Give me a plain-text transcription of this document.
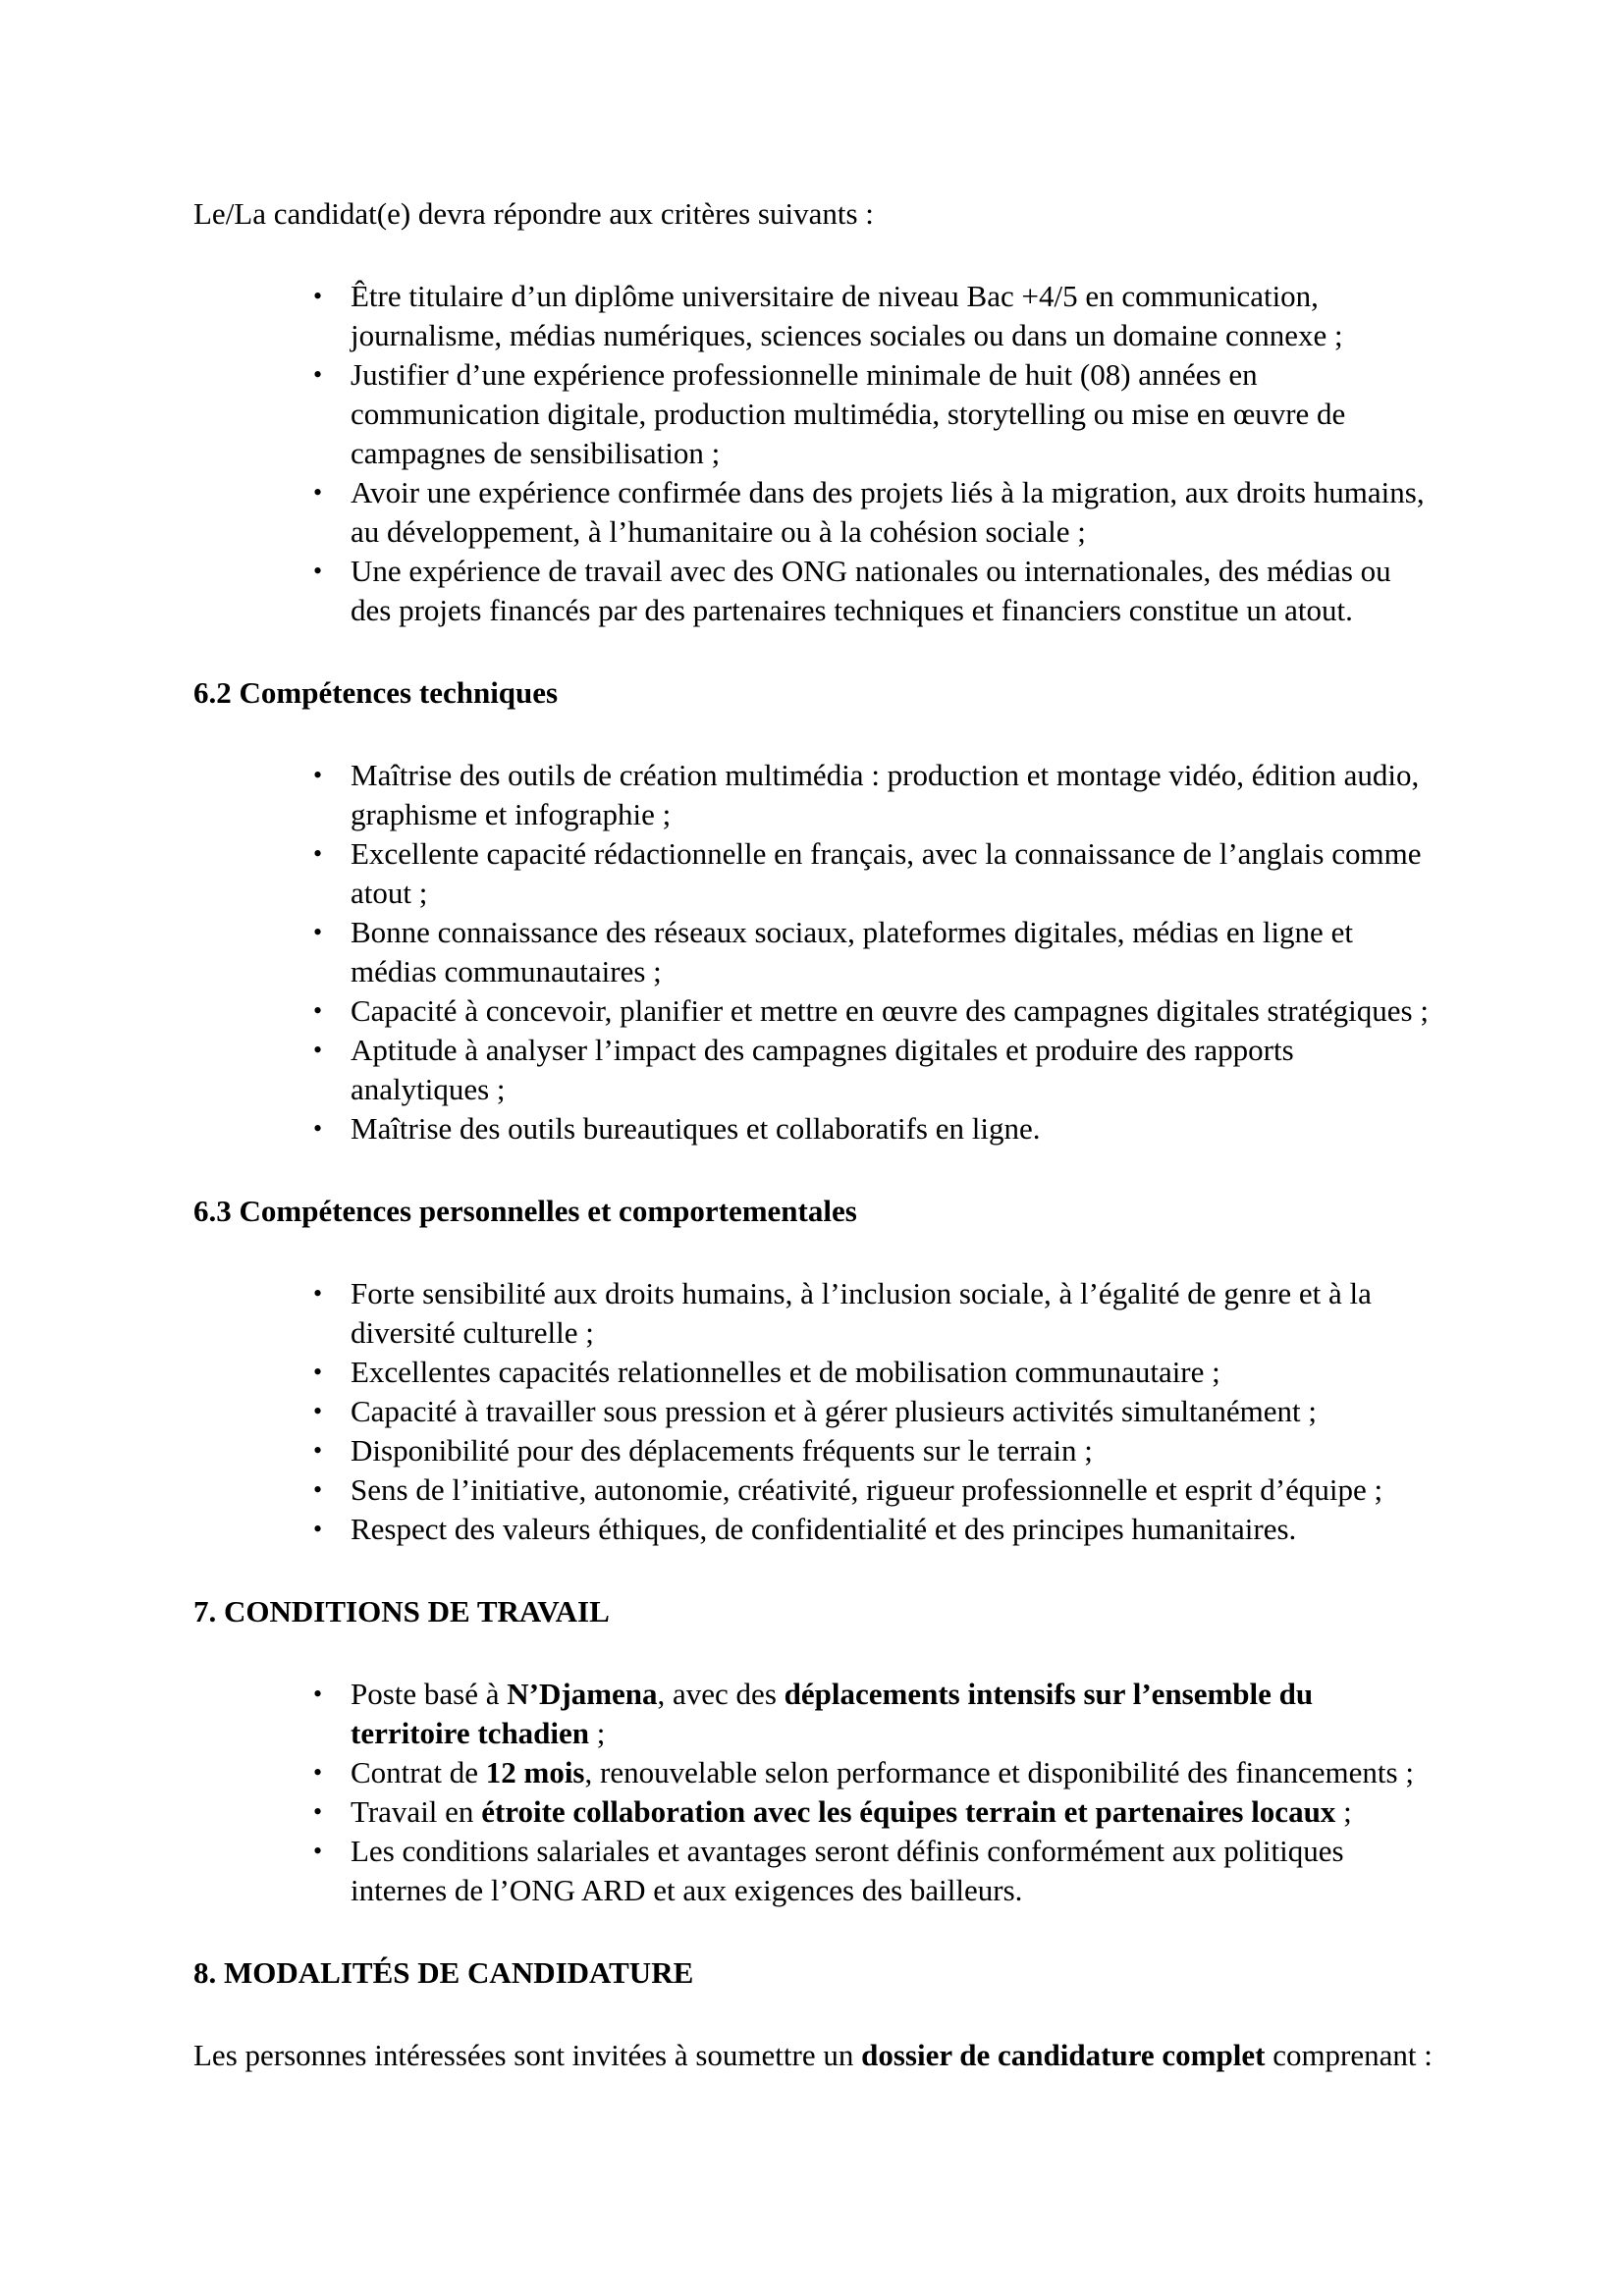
Le/La candidat(e) devra répondre aux critères suivants :

• Être titulaire d’un diplôme universitaire de niveau Bac +4/5 en communication, journalisme, médias numériques, sciences sociales ou dans un domaine connexe ;
• Justifier d’une expérience professionnelle minimale de huit (08) années en communication digitale, production multimédia, storytelling ou mise en œuvre de campagnes de sensibilisation ;
• Avoir une expérience confirmée dans des projets liés à la migration, aux droits humains, au développement, à l’humanitaire ou à la cohésion sociale ;
• Une expérience de travail avec des ONG nationales ou internationales, des médias ou des projets financés par des partenaires techniques et financiers constitue un atout.
6.2 Compétences techniques
• Maîtrise des outils de création multimédia : production et montage vidéo, édition audio, graphisme et infographie ;
• Excellente capacité rédactionnelle en français, avec la connaissance de l’anglais comme atout ;
• Bonne connaissance des réseaux sociaux, plateformes digitales, médias en ligne et médias communautaires ;
• Capacité à concevoir, planifier et mettre en œuvre des campagnes digitales stratégiques ;
• Aptitude à analyser l’impact des campagnes digitales et produire des rapports analytiques ;
• Maîtrise des outils bureautiques et collaboratifs en ligne.
6.3 Compétences personnelles et comportementales
• Forte sensibilité aux droits humains, à l’inclusion sociale, à l’égalité de genre et à la diversité culturelle ;
• Excellentes capacités relationnelles et de mobilisation communautaire ;
• Capacité à travailler sous pression et à gérer plusieurs activités simultanément ;
• Disponibilité pour des déplacements fréquents sur le terrain ;
• Sens de l’initiative, autonomie, créativité, rigueur professionnelle et esprit d’équipe ;
• Respect des valeurs éthiques, de confidentialité et des principes humanitaires.
7. CONDITIONS DE TRAVAIL
• Poste basé à N’Djamena, avec des déplacements intensifs sur l’ensemble du territoire tchadien ;
• Contrat de 12 mois, renouvelable selon performance et disponibilité des financements ;
• Travail en étroite collaboration avec les équipes terrain et partenaires locaux ;
• Les conditions salariales et avantages seront définis conformément aux politiques internes de l’ONG ARD et aux exigences des bailleurs.
8. MODALITÉS DE CANDIDATURE

Les personnes intéressées sont invitées à soumettre un dossier de candidature complet comprenant :
